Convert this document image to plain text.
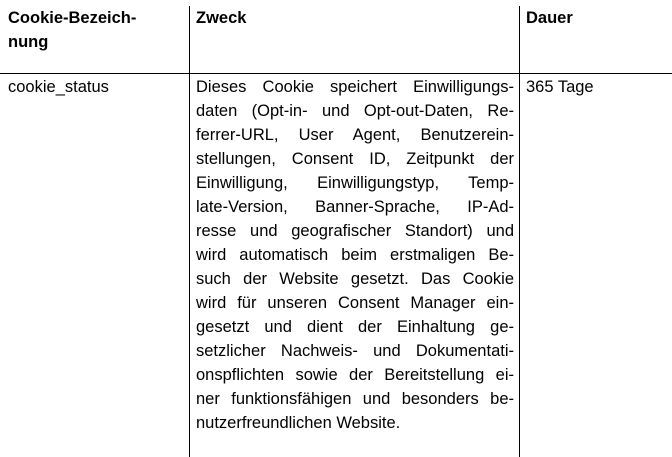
Cookie-Bezeich-
nung
Zweck	Dauer
cookie_status	Dieses Cookie speichert Einwilligungs-
daten (Opt-in- und Opt-out-Daten, Re-
ferrer-URL, User Agent, Benutzerein-
stellungen, Consent ID, Zeitpunkt der
Einwilligung, Einwilligungstyp, Temp-
late-Version, Banner-Sprache, IP-Ad-
resse und geografischer Standort) und
wird automatisch beim erstmaligen Be-
such der Website gesetzt. Das Cookie
wird für unseren Consent Manager ein-
gesetzt und dient der Einhaltung ge-
setzlicher Nachweis- und Dokumentati-
onspflichten sowie der Bereitstellung ei-
ner funktionsfähigen und besonders be-
nutzerfreundlichen Website.
365 Tage
